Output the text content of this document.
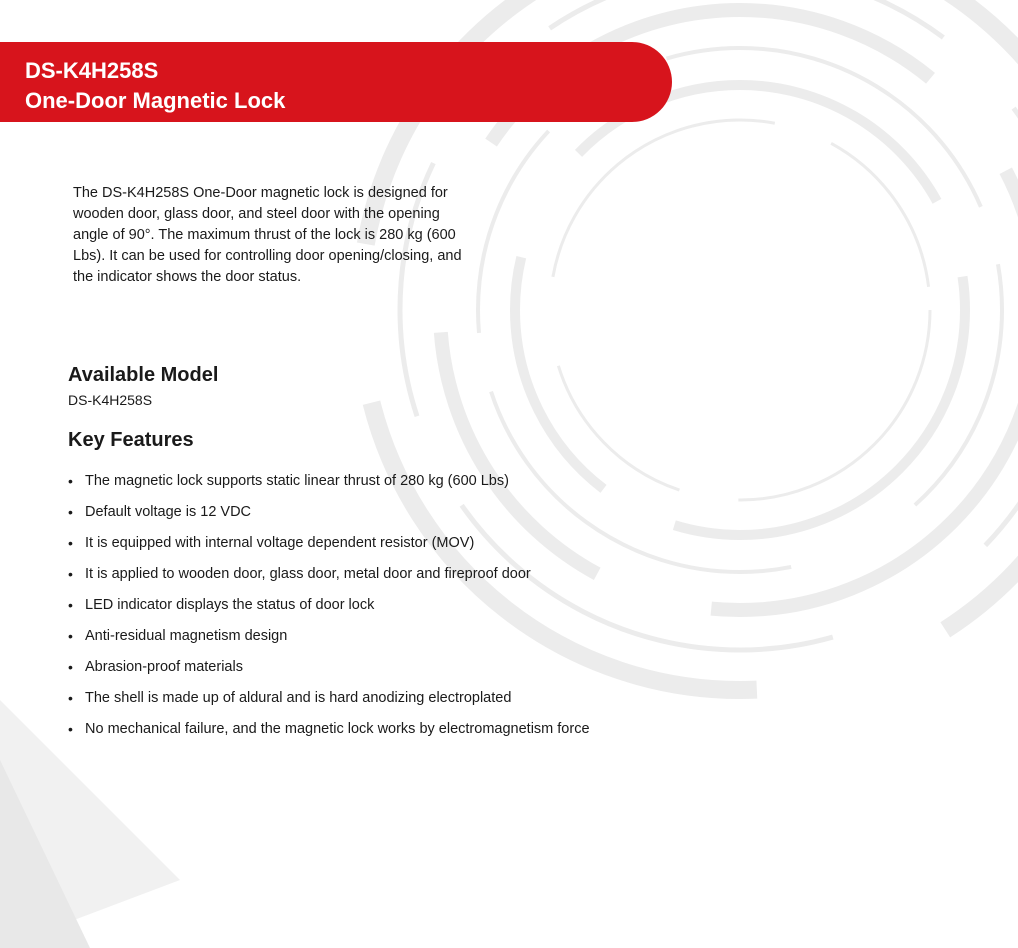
DS-K4H258S
One-Door Magnetic Lock
The DS-K4H258S One-Door magnetic lock is designed for
wooden door, glass door, and steel door with the opening
angle of 90°. The maximum thrust of the lock is 280 kg (600
Lbs). It can be used for controlling door opening/closing, and
the indicator shows the door status.
Available Model
DS-K4H258S
Key Features
• The magnetic lock supports static linear thrust of 280 kg (600 Lbs)
• Default voltage is 12 VDC
• It is equipped with internal voltage dependent resistor (MOV)
• It is applied to wooden door, glass door, metal door and fireproof door
• LED indicator displays the status of door lock
• Anti-residual magnetism design
• Abrasion-proof materials
• The shell is made up of aldural and is hard anodizing electroplated
• No mechanical failure, and the magnetic lock works by electromagnetism force
